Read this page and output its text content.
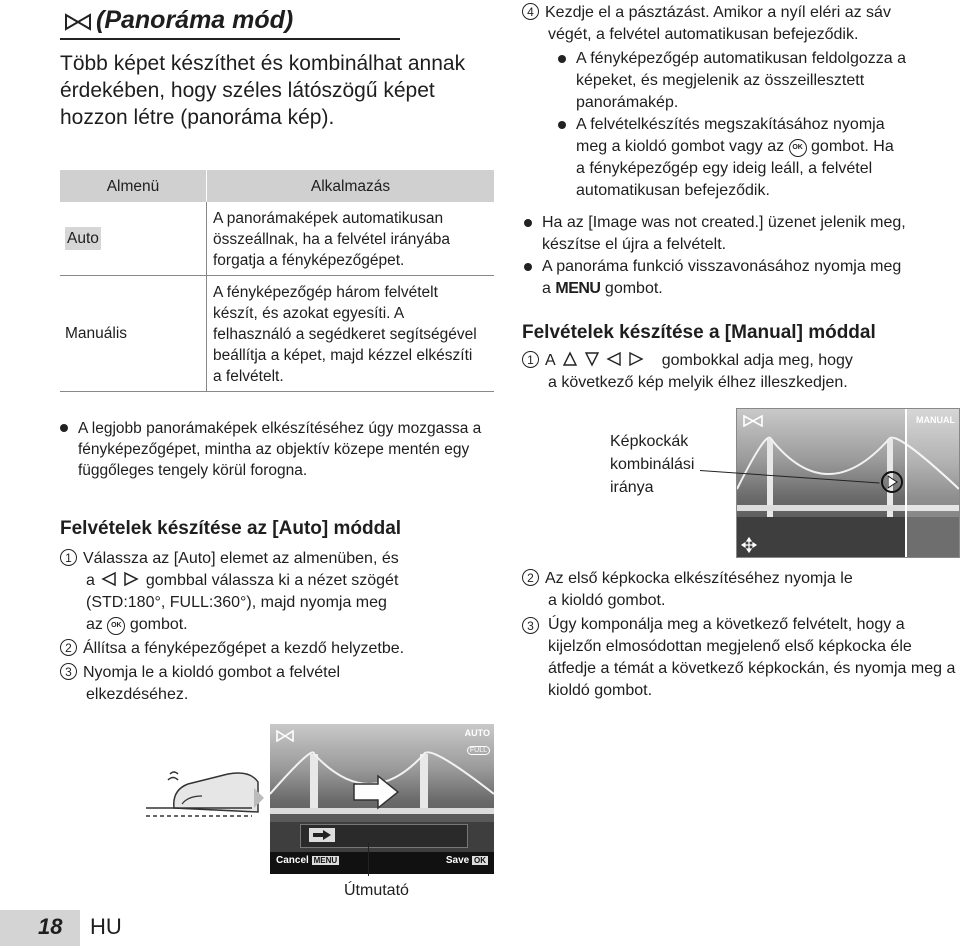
(Panoráma mód)
Több képet készíthet és kombinálhat annak érdekében, hogy széles látószögű képet hozzon létre (panoráma kép).
Almenü	Alkalmazás
Auto	A panorámaképek automatikusan összeállnak, ha a felvétel irányába forgatja a fényképezőgépet.
Manuális	A fényképezőgép három felvételt készít, és azokat egyesíti. A felhasználó a segédkeret segítségével beállítja a képet, majd kézzel elkészíti a felvételt.
A legjobb panorámaképek elkészítéséhez úgy mozgassa a fényképezőgépet, mintha az objektív közepe mentén egy függőleges tengely körül forogna.
Felvételek készítése az [Auto] móddal
1 Válassza az [Auto] elemet az almenüben, és
a	gombbal válassza ki a nézet szögét
(STD:180°, FULL:360°), majd nyomja meg
az OK gombot.
2 Állítsa a fényképezőgépet a kezdő helyzetbe.
3 Nyomja le a kioldó gombot a felvétel
elkezdéséhez.
AUTO
FULL
Cancel MENU	Save OK
Útmutató
18 HU
4 Kezdje el a pásztázást. Amikor a nyíl eléri az sáv
végét, a felvétel automatikusan befejeződik.
A fényképezőgép automatikusan feldolgozza a képeket, és megjelenik az összeillesztett panorámakép.
A felvételkészítés megszakításához nyomja
meg a kioldó gombot vagy az OK gombot. Ha
a fényképezőgép egy ideig leáll, a felvétel automatikusan befejeződik.
Ha az [Image was not created.] üzenet jelenik meg, készítse el újra a felvételt.
A panoráma funkció visszavonásához nyomja meg
a MENU gombot.
Felvételek készítése a [Manual] móddal
1 A	gombokkal adja meg, hogy
a következő kép melyik élhez illeszkedjen.
Képkockák kombinálási iránya
MANUAL
2 Az első képkocka elkészítéséhez nyomja le
a kioldó gombot.
3 Úgy komponálja meg a következő felvételt, hogy a kijelzőn elmosódottan megjelenő első képkocka éle átfedje a témát a következő képkockán, és nyomja meg a kioldó gombot.
